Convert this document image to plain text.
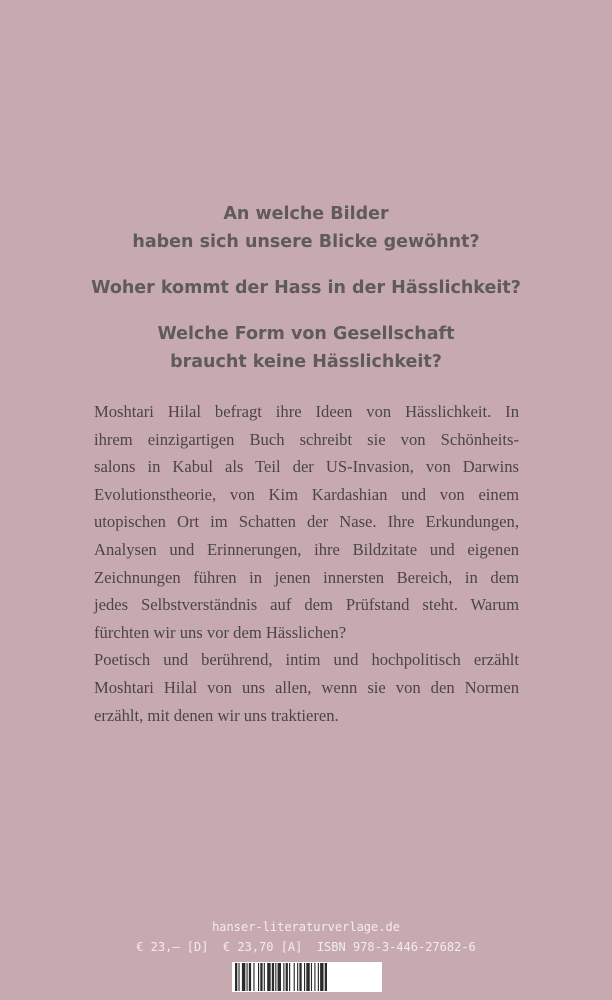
An welche Bilder
haben sich unsere Blicke gewöhnt?
Woher kommt der Hass in der Hässlichkeit?
Welche Form von Gesellschaft
braucht keine Hässlichkeit?
Moshtari Hilal befragt ihre Ideen von Hässlichkeit. In
ihrem einzigartigen Buch schreibt sie von Schönheits-
salons in Kabul als Teil der US-Invasion, von Darwins
Evolutionstheorie, von Kim Kardashian und von einem
utopischen Ort im Schatten der Nase. Ihre Erkundungen,
Analysen und Erinnerungen, ihre Bildzitate und eigenen
Zeichnungen führen in jenen innersten Bereich, in dem
jedes Selbstverständnis auf dem Prüfstand steht. Warum
fürchten wir uns vor dem Hässlichen?
Poetisch und berührend, intim und hochpolitisch erzählt
Moshtari Hilal von uns allen, wenn sie von den Normen
erzählt, mit denen wir uns traktieren.
hanser-literaturverlage.de
€ 23,– [D]  € 23,70 [A]  ISBN 978-3-446-27682-6
